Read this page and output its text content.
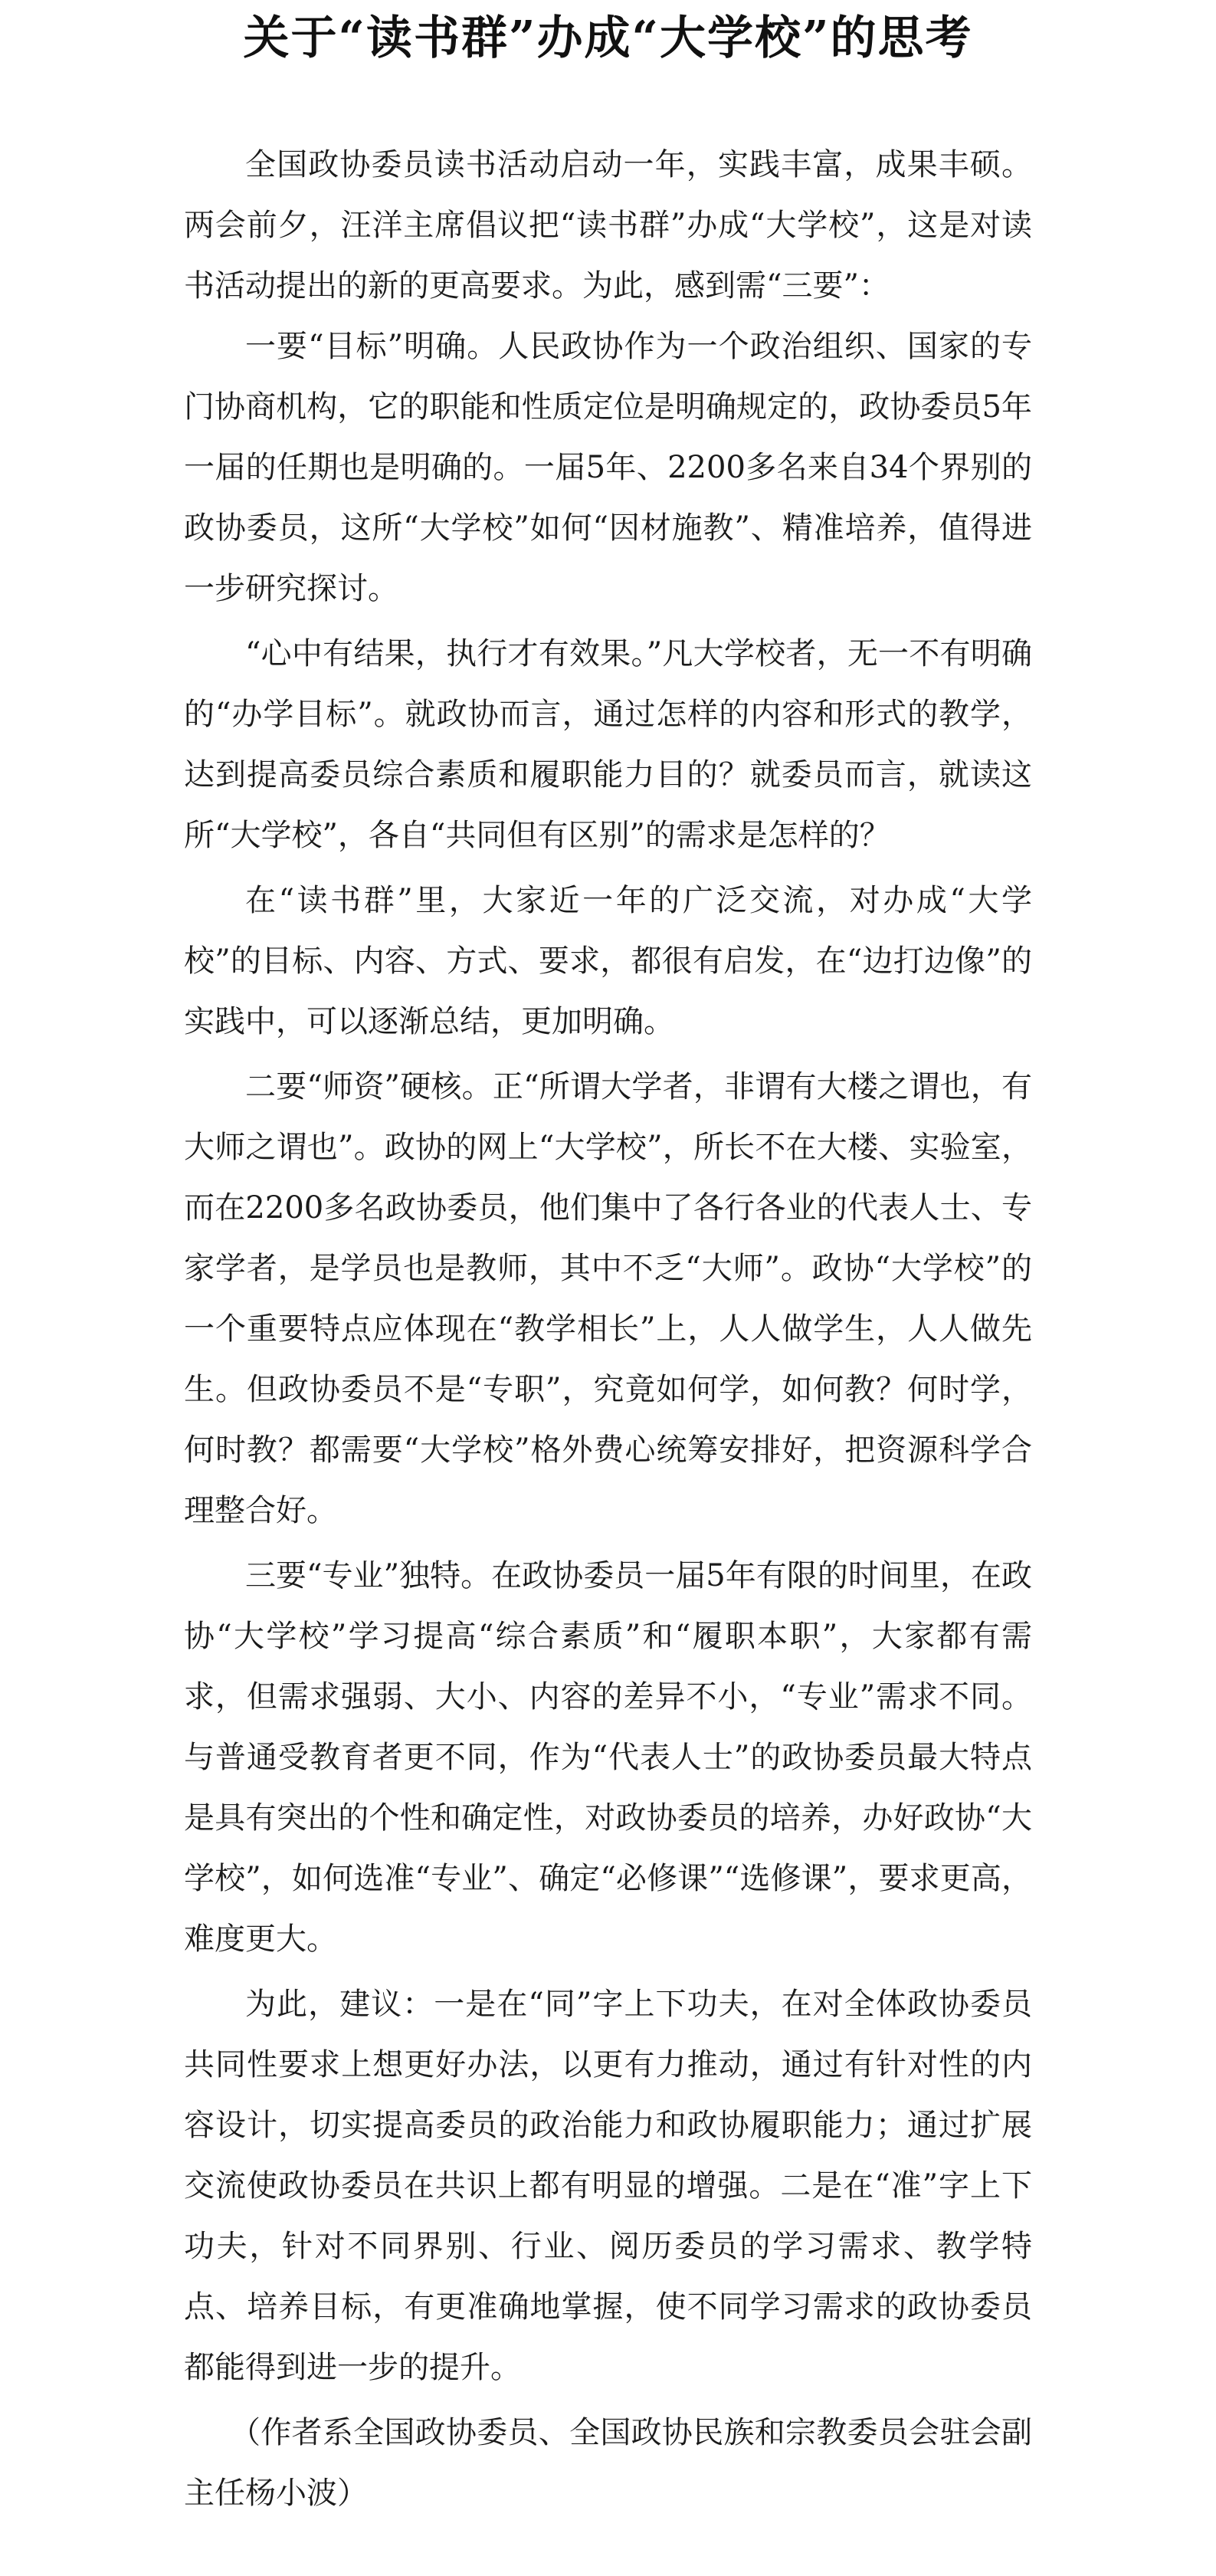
关于“读书群”办成“大学校”的思考

全国政协委员读书活动启动一年，实践丰富，成果丰硕。两会前夕，汪洋主席倡议把“读书群”办成“大学校”，这是对读书活动提出的新的更高要求。为此，感到需“三要”：

一要“目标”明确。人民政协作为一个政治组织、国家的专门协商机构，它的职能和性质定位是明确规定的，政协委员5年一届的任期也是明确的。一届5年、2200多名来自34个界别的政协委员，这所“大学校”如何“因材施教”、精准培养，值得进一步研究探讨。

“心中有结果，执行才有效果。”凡大学校者，无一不有明确的“办学目标”。就政协而言，通过怎样的内容和形式的教学，达到提高委员综合素质和履职能力目的？就委员而言，就读这所“大学校”，各自“共同但有区别”的需求是怎样的？

在“读书群”里，大家近一年的广泛交流，对办成“大学校”的目标、内容、方式、要求，都很有启发，在“边打边像”的实践中，可以逐渐总结，更加明确。

二要“师资”硬核。正“所谓大学者，非谓有大楼之谓也，有大师之谓也”。政协的网上“大学校”，所长不在大楼、实验室，而在2200多名政协委员，他们集中了各行各业的代表人士、专家学者，是学员也是教师，其中不乏“大师”。政协“大学校”的一个重要特点应体现在“教学相长”上，人人做学生，人人做先生。但政协委员不是“专职”，究竟如何学，如何教？何时学，何时教？都需要“大学校”格外费心统筹安排好，把资源科学合理整合好。

三要“专业”独特。在政协委员一届5年有限的时间里，在政协“大学校”学习提高“综合素质”和“履职本职”，大家都有需求，但需求强弱、大小、内容的差异不小，“专业”需求不同。与普通受教育者更不同，作为“代表人士”的政协委员最大特点是具有突出的个性和确定性，对政协委员的培养，办好政协“大学校”，如何选准“专业”、确定“必修课”“选修课”，要求更高，难度更大。

为此，建议：一是在“同”字上下功夫，在对全体政协委员共同性要求上想更好办法，以更有力推动，通过有针对性的内容设计，切实提高委员的政治能力和政协履职能力；通过扩展交流使政协委员在共识上都有明显的增强。二是在“准”字上下功夫，针对不同界别、行业、阅历委员的学习需求、教学特点、培养目标，有更准确地掌握，使不同学习需求的政协委员都能得到进一步的提升。

（作者系全国政协委员、全国政协民族和宗教委员会驻会副主任杨小波）
